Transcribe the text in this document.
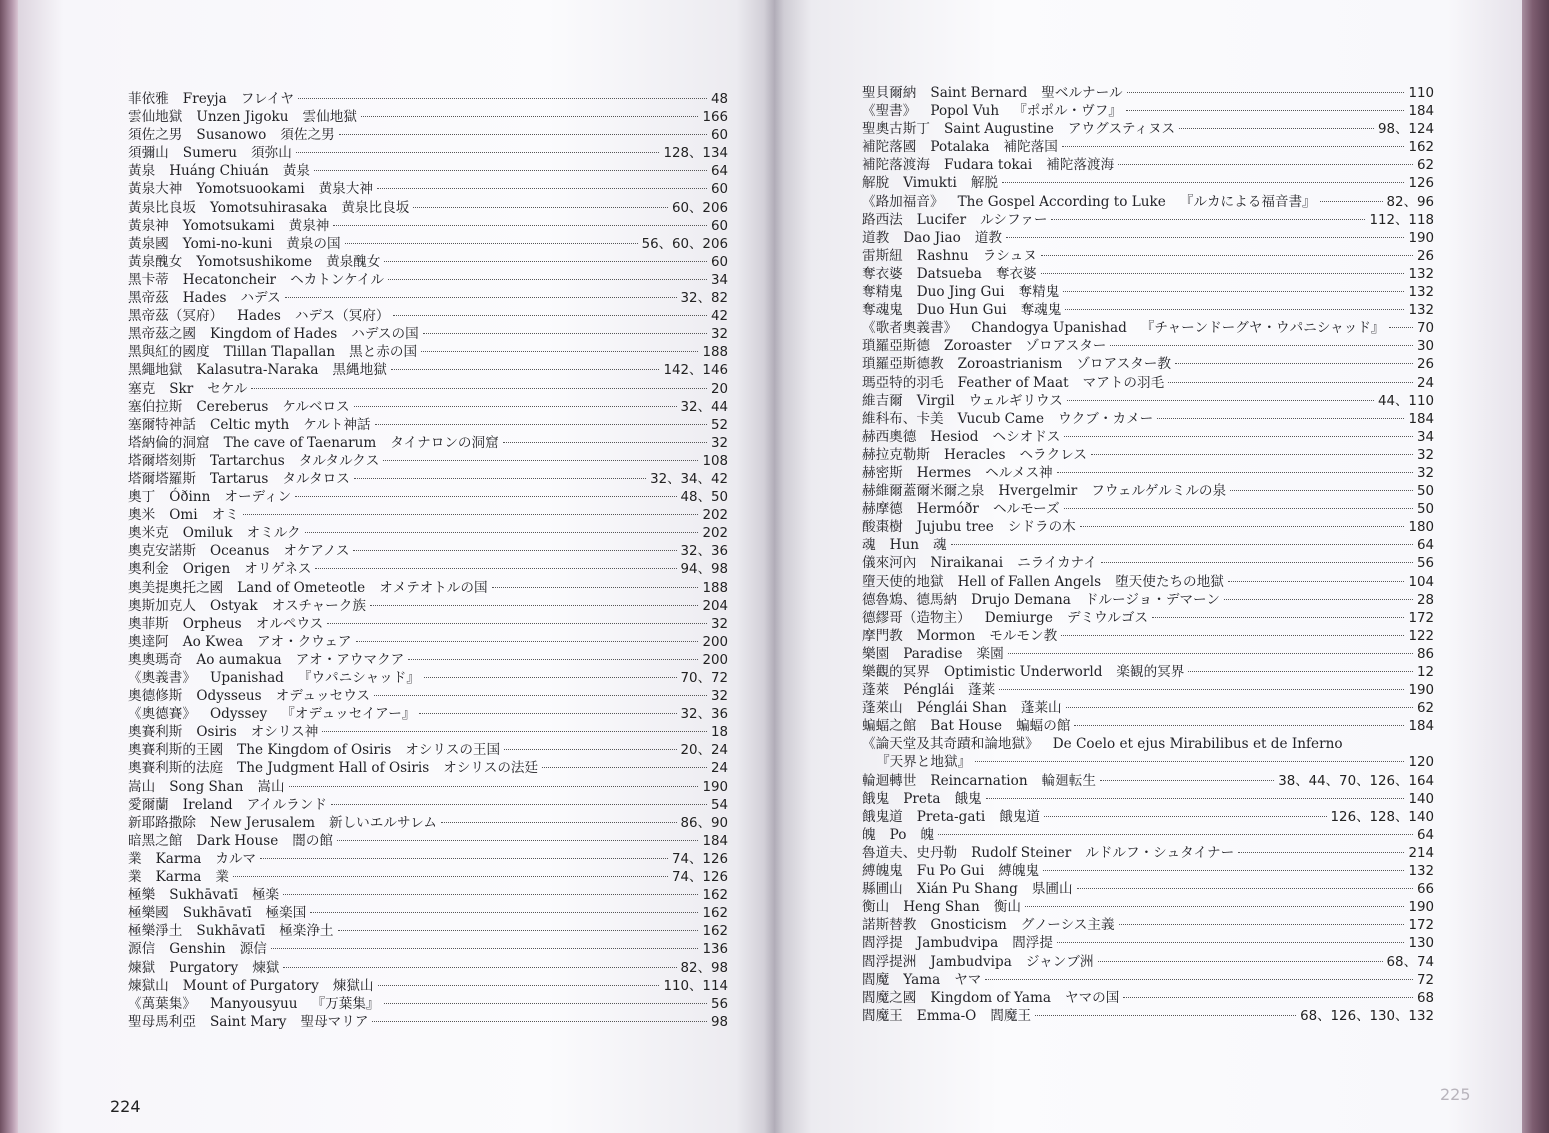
菲依雅 Freyja フレイヤ	48
雲仙地獄 Unzen Jigoku 雲仙地獄	166
須佐之男 Susanowo 須佐之男	60
須彌山 Sumeru 須弥山	128、134
黃泉 Huáng Chiuán 黃泉	64
黃泉大神 Yomotsuookami 黄泉大神	60
黃泉比良坂 Yomotsuhirasaka 黄泉比良坂	60、206
黃泉神 Yomotsukami 黄泉神	60
黃泉國 Yomi-no-kuni 黄泉の国	56、60、206
黃泉醜女 Yomotsushikome 黄泉醜女	60
黑卡蒂 Hecatoncheir ヘカトンケイル	34
黑帝茲 Hades ハデス	32、82
黑帝茲（冥府） Hades ハデス（冥府）	42
黑帝茲之國 Kingdom of Hades ハデスの国	32
黑與紅的國度 Tlillan Tlapallan 黒と赤の国	188
黑繩地獄 Kalasutra-Naraka 黒縄地獄	142、146
塞克 Skr セケル	20
塞伯拉斯 Cereberus ケルベロス	32、44
塞爾特神話 Celtic myth ケルト神話	52
塔納倫的洞窟 The cave of Taenarum タイナロンの洞窟	32
塔爾塔刻斯 Tartarchus タルタルクス	108
塔爾塔羅斯 Tartarus タルタロス	32、34、42
奧丁 Óðinn オーディン	48、50
奧米 Omi オミ	202
奧米克 Omiluk オミルク	202
奧克安諾斯 Oceanus オケアノス	32、36
奧利金 Origen オリゲネス	94、98
奧美提奧托之國 Land of Ometeotle オメテオトルの国	188
奧斯加克人 Ostyak オスチャーク族	204
奧菲斯 Orpheus オルペウス	32
奧達阿 Ao Kwea アオ・クウェア	200
奧奧瑪奇 Ao aumakua アオ・アウマクア	200
《奧義書》 Upanishad 『ウパニシャッド』	70、72
奧德修斯 Odysseus オデュッセウス	32
《奧德賽》 Odyssey 『オデュッセイアー』	32、36
奧賽利斯 Osiris オシリス神	18
奧賽利斯的王國 The Kingdom of Osiris オシリスの王国	20、24
奧賽利斯的法庭 The Judgment Hall of Osiris オシリスの法廷	24
嵩山 Song Shan 嵩山	190
愛爾蘭 Ireland アイルランド	54
新耶路撒除 New Jerusalem 新しいエルサレム	86、90
暗黑之館 Dark House 闇の館	184
業 Karma カルマ	74、126
業 Karma 業	74、126
極樂 Sukhāvatī 極楽	162
極樂國 Sukhāvatī 極楽国	162
極樂淨土 Sukhāvatī 極楽浄土	162
源信 Genshin 源信	136
煉獄 Purgatory 煉獄	82、98
煉獄山 Mount of Purgatory 煉獄山	110、114
《萬葉集》 Manyousyuu 『万葉集』	56
聖母馬利亞 Saint Mary 聖母マリア	98
224
聖貝爾納 Saint Bernard 聖ベルナール	110
《聖書》 Popol Vuh 『ポポル・ヴフ』	184
聖奧古斯丁 Saint Augustine アウグスティヌス	98、124
補陀落國 Potalaka 補陀落国	162
補陀落渡海 Fudara tokai 補陀落渡海	62
解脫 Vimukti 解脱	126
《路加福音》 The Gospel According to Luke 『ルカによる福音書』	82、96
路西法 Lucifer ルシファー	112、118
道教 Dao Jiao 道教	190
雷斯紐 Rashnu ラシュヌ	26
奪衣婆 Datsueba 奪衣婆	132
奪精鬼 Duo Jing Gui 奪精鬼	132
奪魂鬼 Duo Hun Gui 奪魂鬼	132
《歌者奧義書》 Chandogya Upanishad 『チャーンドーグヤ・ウパニシャッド』 70
瑣羅亞斯德 Zoroaster ゾロアスター	30
瑣羅亞斯德教 Zoroastrianism ゾロアスター教	26
瑪亞特的羽毛 Feather of Maat マアトの羽毛	24
維吉爾 Virgil ウェルギリウス	44、110
維科布、卡美 Vucub Came ウクブ・カメー	184
赫西奧德 Hesiod ヘシオドス	34
赫拉克勒斯 Heracles ヘラクレス	32
赫密斯 Hermes ヘルメス神	32
赫維爾蓋爾米爾之泉 Hvergelmir フウェルゲルミルの泉	50
赫摩德 Hermóðr ヘルモーズ	50
酸棗樹 Jujubu tree シドラの木	180
魂 Hun 魂	64
儀來河內 Niraikanai ニライカナイ	56
墮天使的地獄 Hell of Fallen Angels 堕天使たちの地獄	104
德魯鴆、德馬納 Drujo Demana ドルージョ・デマーン	28
德繆哥（造物主） Demiurge デミウルゴス	172
摩門教 Mormon モルモン教	122
樂園 Paradise 楽園	86
樂觀的冥界 Optimistic Underworld 楽観的冥界	12
蓬萊 Pénglái 蓬莱	190
蓬萊山 Pénglái Shan 蓬莱山	62
蝙蝠之館 Bat House 蝙蝠の館	184
《論天堂及其奇蹟和論地獄》 De Coelo et ejus Mirabilibus et de Inferno
『天界と地獄』	120
輪迴轉世 Reincarnation 輪廻転生	38、44、70、126、164
餓鬼 Preta 餓鬼	140
餓鬼道 Preta-gati 餓鬼道	126、128、140
魄 Po 魄	64
魯道夫、史丹勒 Rudolf Steiner ルドルフ・シュタイナー	214
縛魄鬼 Fu Po Gui 縛魄鬼	132
縣圃山 Xián Pu Shang 県圃山	66
衡山 Heng Shan 衡山	190
諾斯替教 Gnosticism グノーシス主義	172
閻浮提 Jambudvipa 閻浮提	130
閻浮提洲 Jambudvipa ジャンブ洲	68、74
閻魔 Yama ヤマ	72
閻魔之國 Kingdom of Yama ヤマの国	68
閻魔王 Emma-O 閻魔王	68、126、130、132
225
